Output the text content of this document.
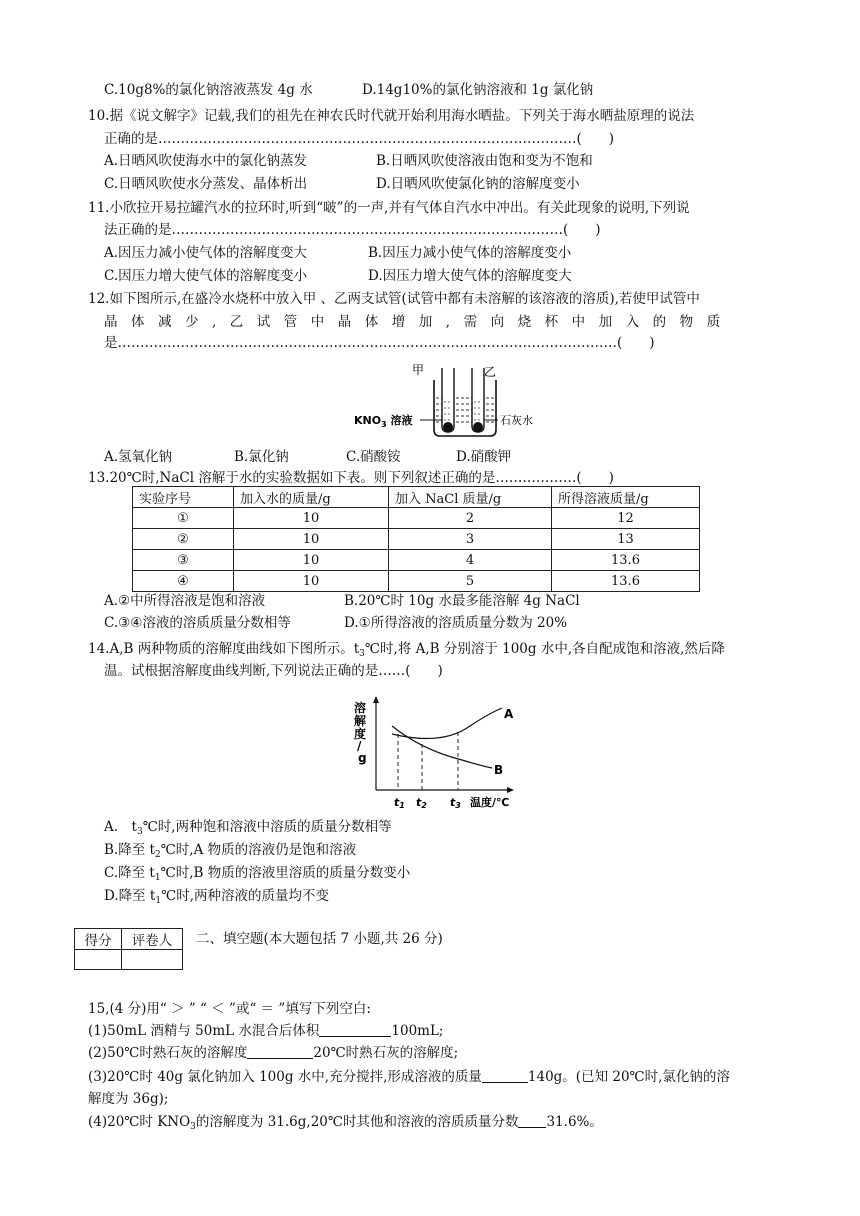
C.10g8%的氯化钠溶液蒸发 4g 水	D.14g10%的氯化钠溶液和 1g 氯化钠
10.据《说文解字》记载,我们的祖先在神农氏时代就开始利用海水晒盐。下列关于海水晒盐原理的说法
正确的是…………………………………………………………………………………(　　)
A.日晒风吹使海水中的氯化钠蒸发	B.日晒风吹使溶液由饱和变为不饱和
C.日晒风吹使水分蒸发、晶体析出	D.日晒风吹使氯化钠的溶解度变小
11.小欣拉开易拉罐汽水的拉环时,听到“啵”的一声,并有气体自汽水中冲出。有关此现象的说明,下列说
法正确的是……………………………………………………………………………(　　)
A.因压力减小使气体的溶解度变大	B.因压力减小使气体的溶解度变小
C.因压力增大使气体的溶解度变小	D.因压力增大使气体的溶解度变大
12.如下图所示,在盛冷水烧杯中放入甲 、乙两支试管(试管中都有未溶解的该溶液的溶质),若使甲试管中
晶　体　减　少　,　乙　试　管　中　晶　体　增　加　,　需　向　烧　杯　中　加　入　的　物　质
是…………………………………………………………………………………………………(　　)
甲	乙
$KNO_3$ 溶液	石灰水
A.氢氧化钠	B.氯化钠	C.硝酸铵	D.硝酸钾
13.20℃时,NaCl 溶解于水的实验数据如下表。则下列叙述正确的是………………(　　)
实验序号	加入水的质量/g	加入 NaCl 质量/g	所得溶液质量/g
①	10	2	12
②	10	3	13
③	10	4	13.6
④	10	5	13.6
A.②中所得溶液是饱和溶液	B.20℃时 10g 水最多能溶解 4g NaCl
C.③④溶液的溶质质量分数相等	D.①所得溶液的溶质质量分数为 20%
14.A,B 两种物质的溶解度曲线如下图所示。$t_3℃$时,将 A,B 分别溶于 100g 水中,各自配成饱和溶液,然后降
温。试根据溶解度曲线判断,下列说法正确的是……(　　)
溶
解
度
/
g
A
B
t1 t2 t3 温度/℃
A.　$t_3℃$时,两种饱和溶液中溶质的质量分数相等
B.降至 $t_2℃$时,A 物质的溶液仍是饱和溶液
C.降至 $t_1℃$时,B 物质的溶液里溶质的质量分数变小
D.降至 $t_1℃$时,两种溶液的质量均不变
得分	评卷人
	二、填空题(本大题包括 7 小题,共 26 分)
15,(4 分)用“ ＞ ” “ ＜ ”或“ ＝ ”填写下列空白:
(1)50mL 酒精与 50mL 水混合后体积	100mL;
(2)50℃时熟石灰的溶解度	20℃时熟石灰的溶解度;
(3)20℃时 40g 氯化钠加入 100g 水中,充分搅拌,形成溶液的质量	140g。(已知 20℃时,氯化钠的溶
解度为 36g);
(4)20℃时 $KNO_3$的溶解度为 31.6g,20℃时其他和溶液的溶质质量分数 31.6%。
